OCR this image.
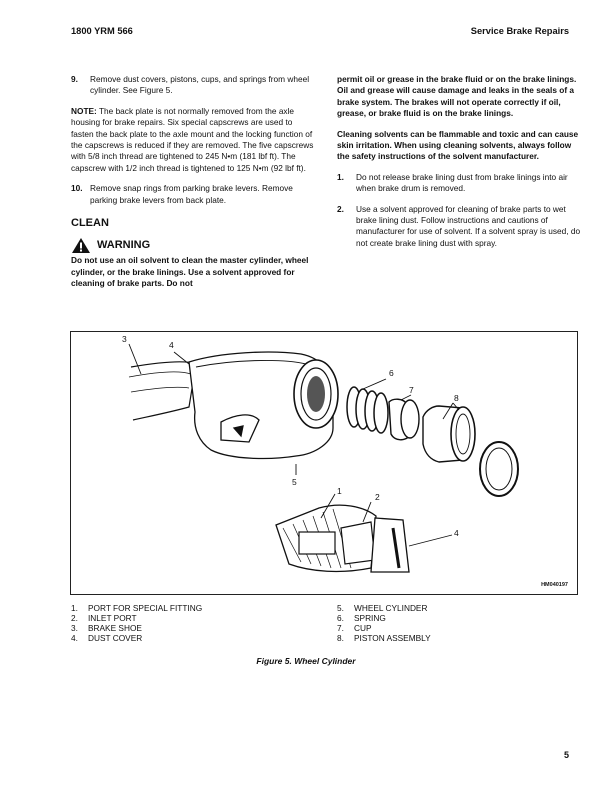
1800 YRM 566	Service Brake Repairs
9.	Remove dust covers, pistons, cups, and springs from wheel cylinder. See Figure 5.
NOTE: The back plate is not normally removed from the axle housing for brake repairs. Six special capscrews are used to fasten the back plate to the axle mount and the locking function of the capscrews is reduced if they are removed. The five capscrews with 5/8 inch thread are tightened to 245 N•m (181 lbf ft). The capscrew with 1/2 inch thread is tightened to 125 N•m (92 lbf ft).
10. Remove snap rings from parking brake levers. Remove parking brake levers from back plate.
CLEAN
WARNING
Do not use an oil solvent to clean the master cylinder, wheel cylinder, or the brake linings. Use a solvent approved for cleaning of brake parts. Do not
permit oil or grease in the brake fluid or on the brake linings. Oil and grease will cause damage and leaks in the seals of a brake system. The brakes will not operate correctly if oil, grease, or brake fluid is on the brake linings.
Cleaning solvents can be flammable and toxic and can cause skin irritation. When using cleaning solvents, always follow the safety instructions of the solvent manufacturer.
1.	Do not release brake lining dust from brake linings into air when brake drum is removed.
2.	Use a solvent approved for cleaning of brake parts to wet brake lining dust. Follow instructions and cautions of manufacturer for use of solvent. If a solvent spray is used, do not create brake lining dust with spray.
3
4
5
6
7
8
1
2
4
HM040197
1.	PORT FOR SPECIAL FITTING
2.	INLET PORT
3.	BRAKE SHOE
4.	DUST COVER
5.	WHEEL CYLINDER
6.	SPRING
7.	CUP
8.	PISTON ASSEMBLY
Figure 5. Wheel Cylinder
5
